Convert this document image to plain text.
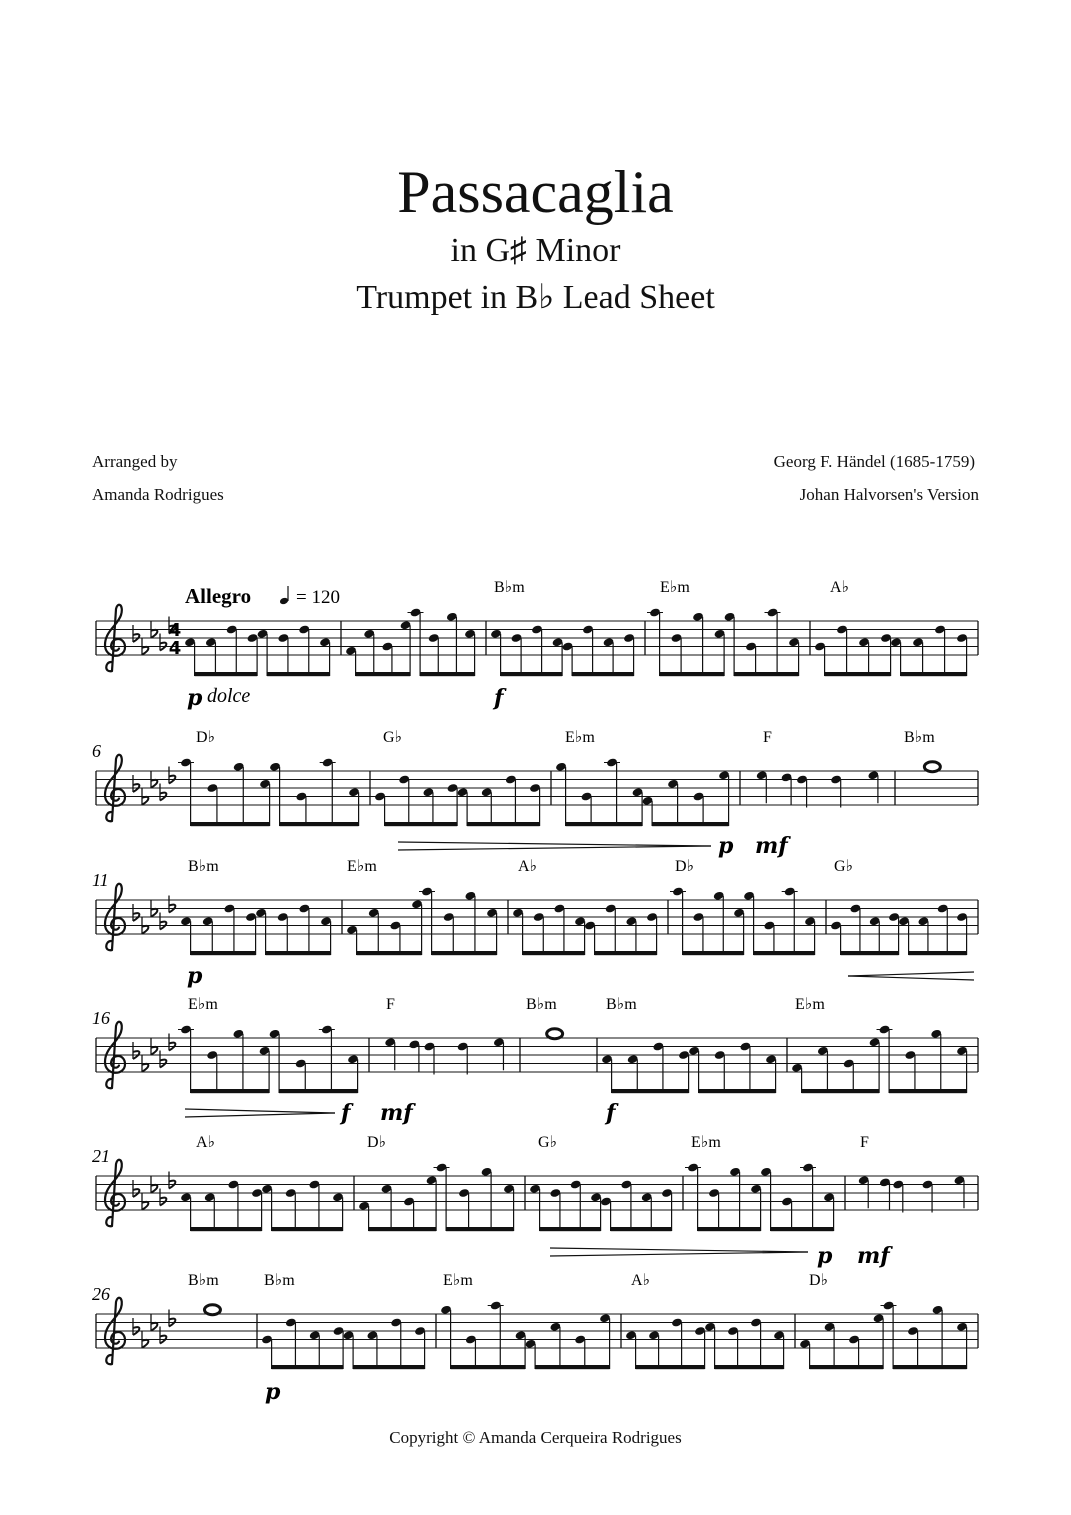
Passacaglia
in G♯ Minor
Trumpet in B♭ Lead Sheet
Arranged by
Amanda Rodrigues
Georg F. Händel (1685-1759)
Johan Halvorsen's Version
B♭m	E♭m	A♭
6
D♭	G♭	E♭m	F	B♭m
11
B♭m	E♭m	A♭	D♭	G♭
16
E♭m	F	B♭m	B♭m	E♭m
21
A♭	D♭	G♭	E♭m	F
26
B♭m	B♭m	E♭m	A♭	D♭
4
4
Allegro = 120
p	f
p mf
p
f mf	f
p mf
p
dolce
Copyright © Amanda Cerqueira Rodrigues
